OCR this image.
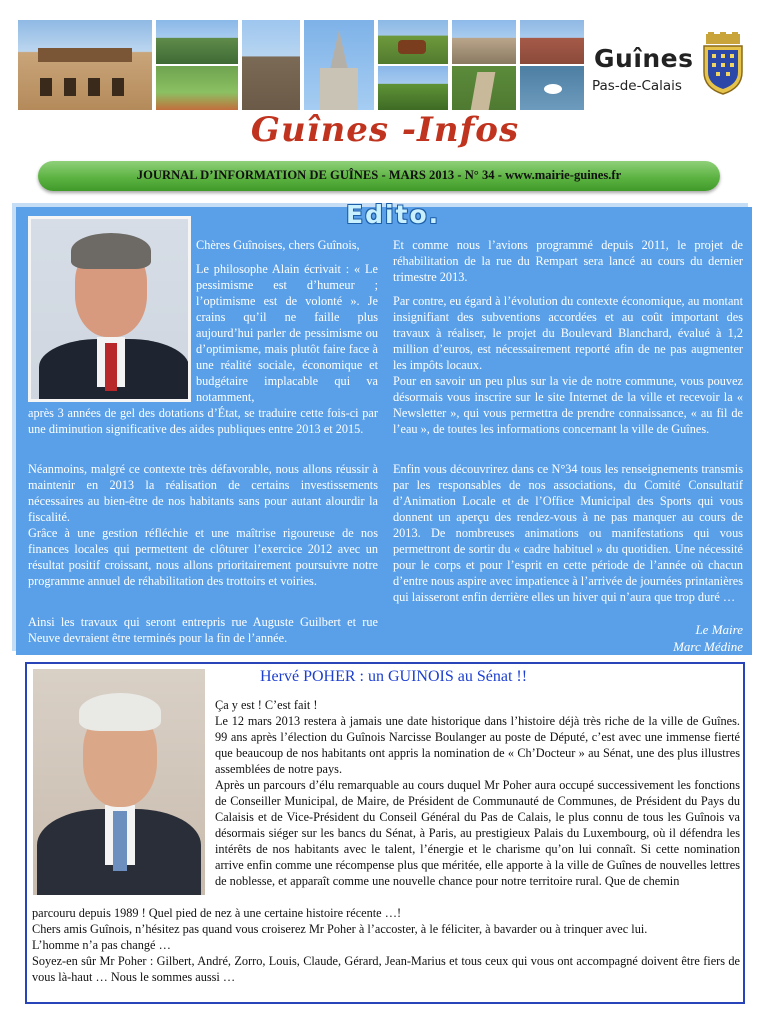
Guînes
Pas-de-Calais
Guînes -Infos
JOURNAL D’INFORMATION DE GUÎNES - MARS 2013 - N° 34 - www.mairie-guines.fr
Edito.
Chères Guînoises, chers Guînois,
Le philosophe Alain écrivait : « Le pessimisme est d’humeur ; l’optimisme est de volonté ». Je crains qu’il ne faille plus aujourd’hui parler de pessimisme ou d’optimisme, mais plutôt faire face à une réalité sociale, économique et budgétaire implacable qui va notamment,
après 3 années de gel des dotations d’État, se traduire cette fois-ci par une diminution significative des aides publiques entre 2013 et 2015.
Néanmoins, malgré ce contexte très défavorable, nous allons réussir à maintenir en 2013 la réalisation de certains investissements nécessaires au bien-être de nos habitants sans pour autant alourdir la fiscalité.
Grâce à une gestion réfléchie et une maîtrise rigoureuse de nos finances locales qui permettent de clôturer l’exercice 2012 avec un résultat positif croissant, nous allons prioritairement poursuivre notre programme annuel de réhabilitation des trottoirs et voiries.
Ainsi les travaux qui seront entrepris rue Auguste Guilbert et rue Neuve devraient être terminés pour la fin de l’année.
Et comme nous l’avions programmé depuis 2011, le projet de réhabilitation de la rue du Rempart sera lancé au cours du dernier trimestre 2013.
Par contre, eu égard à l’évolution du contexte économique, au montant insignifiant des subventions accordées et au coût important des travaux à réaliser, le projet du Boulevard Blanchard, évalué à 1,2 million d’euros, est nécessairement reporté afin de ne pas augmenter les impôts locaux.
Pour en savoir un peu plus sur la vie de notre commune, vous pouvez désormais vous inscrire sur le site Internet de la ville et recevoir la « Newsletter », qui vous permettra de prendre connaissance, « au fil de l’eau », de toutes les informations concernant la ville de Guînes.
Enfin vous découvrirez dans ce N°34 tous les renseignements transmis par les responsables de nos associations, du Comité Consultatif d’Animation Locale et de l’Office Municipal des Sports qui vous donnent un aperçu des rendez-vous à ne pas manquer au cours de 2013. De nombreuses animations ou manifestations qui vous permettront de sortir du « cadre habituel » du quotidien. Une nécessité pour le corps et pour l’esprit en cette période de l’année où chacun d’entre nous aspire avec impatience à l’arrivée de journées printanières qui laisseront enfin derrière elles un hiver qui n’aura que trop duré …
Le Maire
Marc Médine
Hervé POHER : un GUINOIS au Sénat !!
Ça y est ! C’est fait !
Le 12 mars 2013 restera à jamais une date historique dans l’histoire déjà très riche de la ville de Guînes. 99 ans après l’élection du Guînois Narcisse Boulanger au poste de Député, c’est avec une immense fierté que beaucoup de nos habitants ont appris la nomination de « Ch’Docteur » au Sénat, une des plus illustres assemblées de notre pays.
Après un parcours d’élu remarquable au cours duquel Mr Poher aura occupé successivement les fonctions de Conseiller Municipal, de Maire, de Président de Communauté de Communes, de Président du Pays du Calaisis et de Vice-Président du Conseil Général du Pas de Calais, le plus connu de tous les Guînois va désormais siéger sur les bancs du Sénat, à Paris, au prestigieux Palais du Luxembourg, où il défendra les intérêts de nos habitants avec le talent, l’énergie et le charisme qu’on lui connaît. Si cette nomination arrive enfin comme une récompense plus que méritée, elle apporte à la ville de Guînes de nouvelles lettres de noblesse, et apparaît comme une nouvelle chance pour notre territoire rural. Que de chemin
parcouru depuis 1989 ! Quel pied de nez à une certaine histoire récente …!
Chers amis Guînois, n’hésitez pas quand vous croiserez Mr Poher à l’accoster, à le féliciter, à bavarder ou à trinquer avec lui.
L’homme n’a pas changé …
Soyez-en sûr Mr Poher : Gilbert, André, Zorro, Louis, Claude, Gérard, Jean-Marius et tous ceux qui vous ont accompagné doivent être fiers de vous là-haut … Nous le sommes aussi …
